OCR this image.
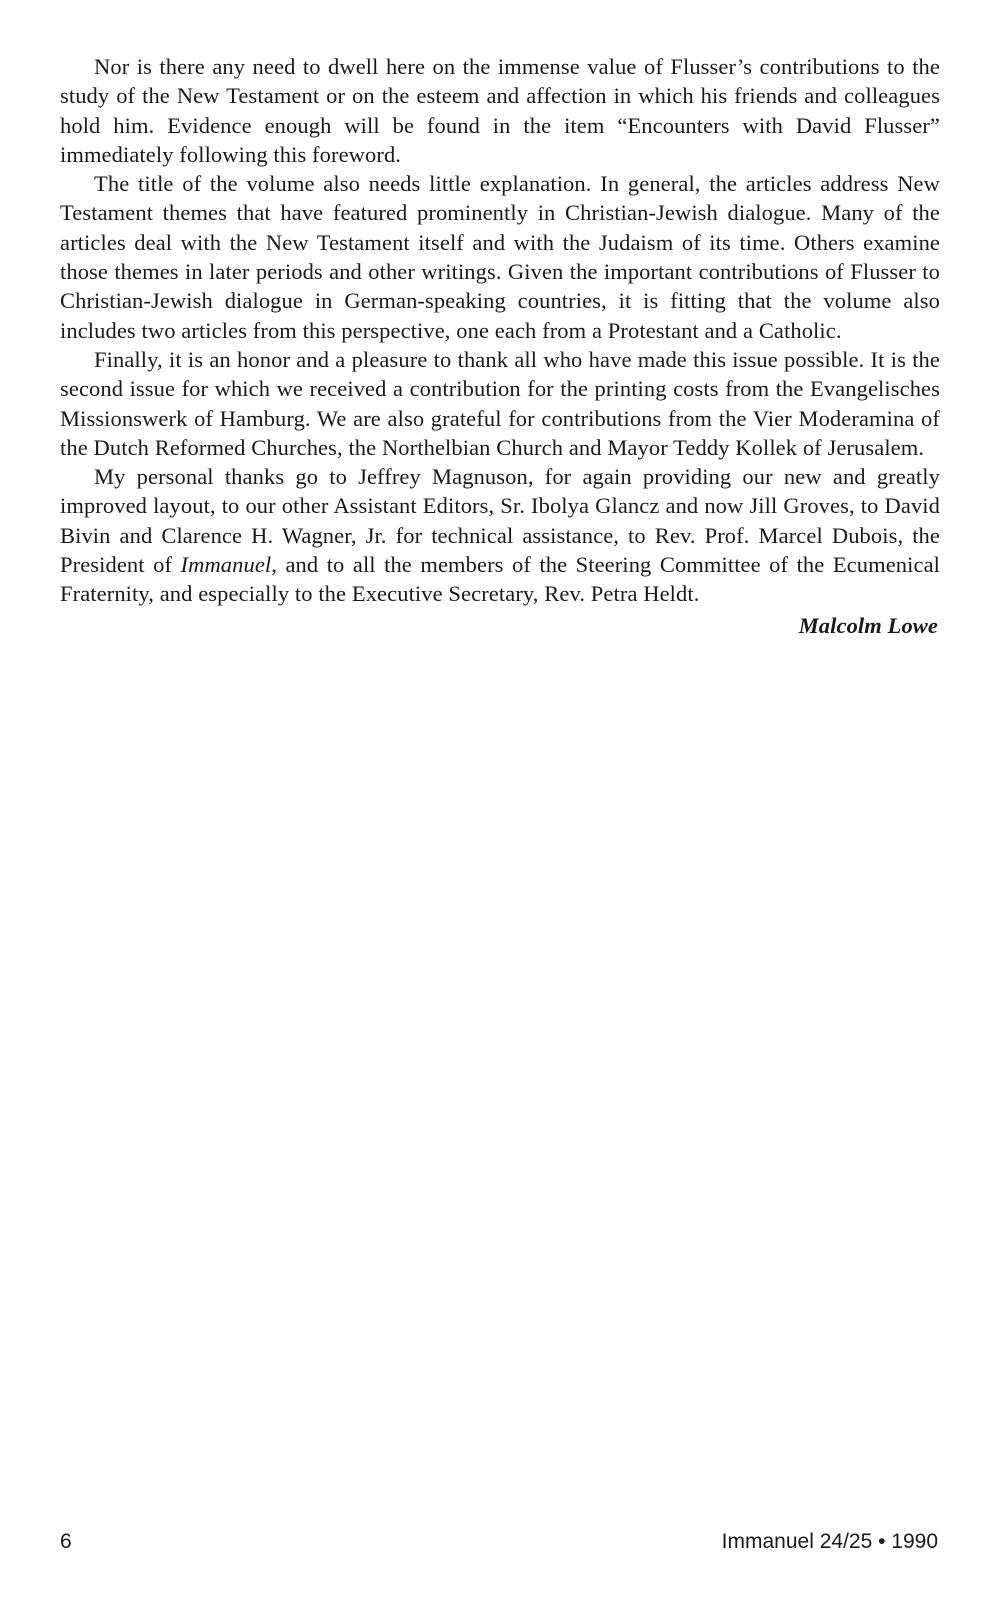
Nor is there any need to dwell here on the immense value of Flusser’s contributions to the study of the New Testament or on the esteem and affection in which his friends and colleagues hold him. Evidence enough will be found in the item “Encounters with David Flusser” immediately following this foreword.

The title of the volume also needs little explanation. In general, the articles address New Testament themes that have featured prominently in Christian-Jewish dialogue. Many of the articles deal with the New Testament itself and with the Judaism of its time. Others examine those themes in later periods and other writings. Given the important contributions of Flusser to Christian-Jewish dialogue in German-speaking countries, it is fitting that the volume also includes two articles from this perspective, one each from a Protestant and a Catholic.

Finally, it is an honor and a pleasure to thank all who have made this issue possible. It is the second issue for which we received a contribution for the printing costs from the Evangelisches Missionswerk of Hamburg. We are also grateful for contributions from the Vier Moderamina of the Dutch Reformed Churches, the Northelbian Church and Mayor Teddy Kollek of Jerusalem.

My personal thanks go to Jeffrey Magnuson, for again providing our new and greatly improved layout, to our other Assistant Editors, Sr. Ibolya Glancz and now Jill Groves, to David Bivin and Clarence H. Wagner, Jr. for technical assistance, to Rev. Prof. Marcel Dubois, the President of Immanuel, and to all the members of the Steering Committee of the Ecumenical Fraternity, and especially to the Executive Secretary, Rev. Petra Heldt.

Malcolm Lowe
6	Immanuel 24/25 • 1990
